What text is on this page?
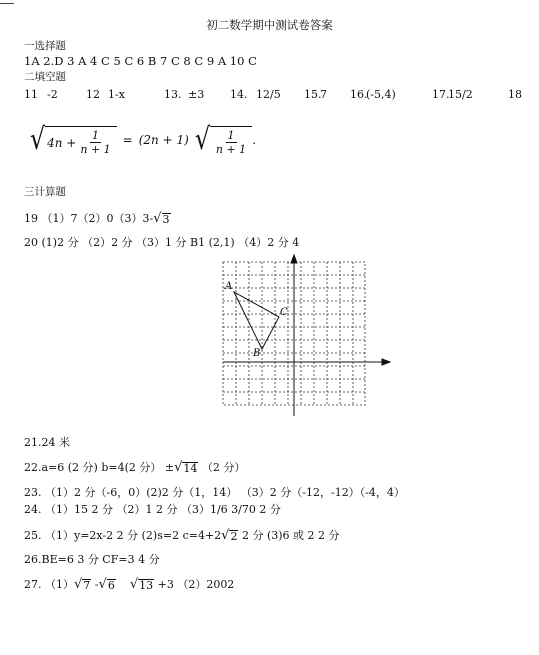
初二数学期中测试卷答案
一选择题
1A 2.D 3 A 4 C 5 C 6 B 7 C 8 C 9 A 10 C
二填空题
11 -2	12 1-x	13. ±3 14. 12/5 15.
7 16.
(-5,4)	17.
15/2	18
√ $4n + \frac{1}{n + 1} = (2n + 1)$ √ $\frac{1}{n + 1}$ .
三计算题
19 （1）7（2）0（3）3- √ 3
20 (1)2 分 （2）2 分 （3）1 分 B1 (2,1) （4）2 分 4
A
B
C
21.24 米
22.a=6 (2 分) b=4(2 分） ± √ 14 （2 分）
23. （1）2 分（-6，0）(2)2 分（1，14） （3）2 分（-12，-12）（-4，4）
24. （1）15 2 分 （2）1 2 分 （3）1/6 3/70 2 分
25. （1）y=2x-2 2 分 (2)s=2 c=4+2 √ 2 2 分 (3)6 或 2 2 分
26.BE=6 3 分 CF=3 4 分
27. （1） √ 7 - √ 6
√ 13 +3 （2）2002
